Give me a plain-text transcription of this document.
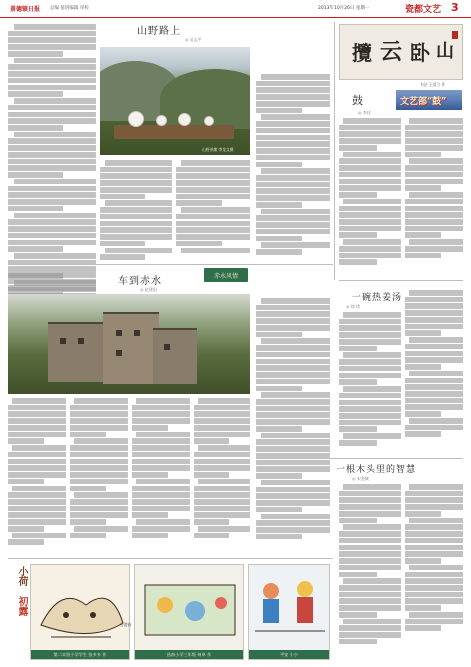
景德镇日报 总编 值班编辑 审校	2013年10月26日 星期一	瓷都文艺 3
山野路上
◎ 吴志平
山野茶趣 李龙文摄
攬 云 卧 山
书法 王爱卫 作
鼓	文艺部“鼓”
◎ 李佳
车到赤水
◎ 赵建国
赤水风情
一碗热姜汤
◎ 徐 珍
一根木头里的智慧
◎ 宋金城
小荷
初露
第二实验小学学生 张多多 作
香港画
昌南小学三年级 何卓 作	平安 小小
